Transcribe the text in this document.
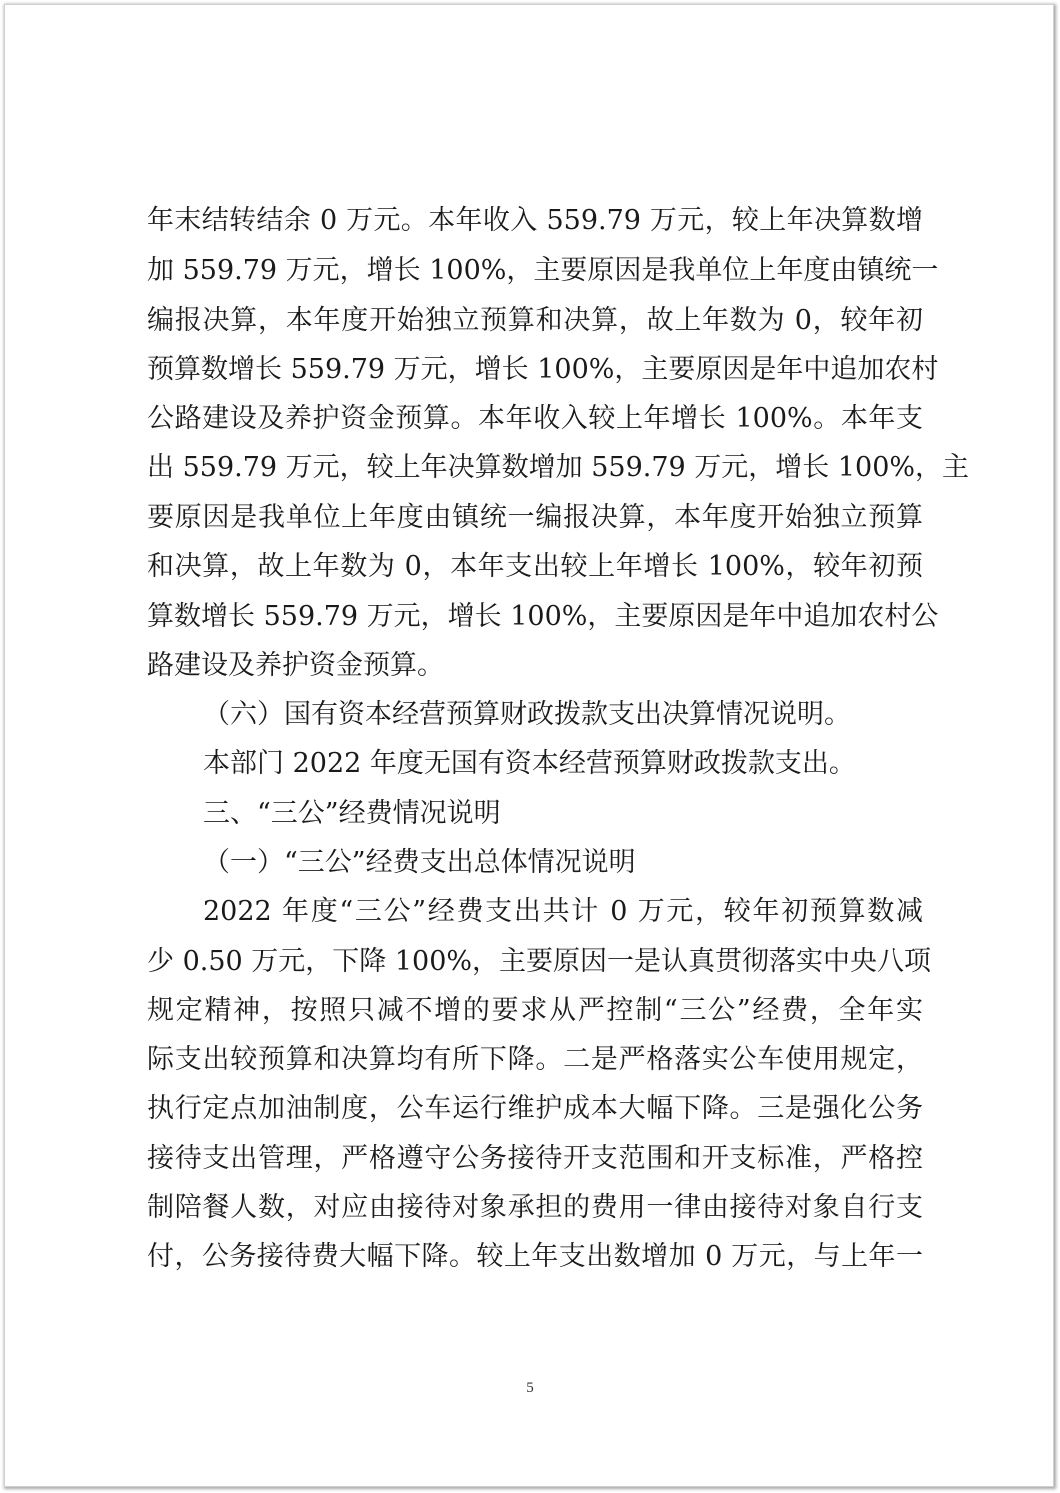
年末结转结余 0 万元。本年收入 559.79 万元，较上年决算数增
加 559.79 万元，增长 100%，主要原因是我单位上年度由镇统一
编报决算，本年度开始独立预算和决算，故上年数为 0，较年初
预算数增长 559.79 万元，增长 100%，主要原因是年中追加农村
公路建设及养护资金预算。本年收入较上年增长 100%。本年支
出 559.79 万元，较上年决算数增加 559.79 万元，增长 100%，主
要原因是我单位上年度由镇统一编报决算，本年度开始独立预算
和决算，故上年数为 0，本年支出较上年增长 100%，较年初预
算数增长 559.79 万元，增长 100%，主要原因是年中追加农村公
路建设及养护资金预算。
（六）国有资本经营预算财政拨款支出决算情况说明。
本部门 2022 年度无国有资本经营预算财政拨款支出。
三、“三公”经费情况说明
（一）“三公”经费支出总体情况说明
2022 年度“三公”经费支出共计 0 万元，较年初预算数减
少 0.50 万元，下降 100%，主要原因一是认真贯彻落实中央八项
规定精神，按照只减不增的要求从严控制“三公”经费，全年实
际支出较预算和决算均有所下降。二是严格落实公车使用规定，
执行定点加油制度，公车运行维护成本大幅下降。三是强化公务
接待支出管理，严格遵守公务接待开支范围和开支标准，严格控
制陪餐人数，对应由接待对象承担的费用一律由接待对象自行支
付，公务接待费大幅下降。较上年支出数增加 0 万元，与上年一
5
